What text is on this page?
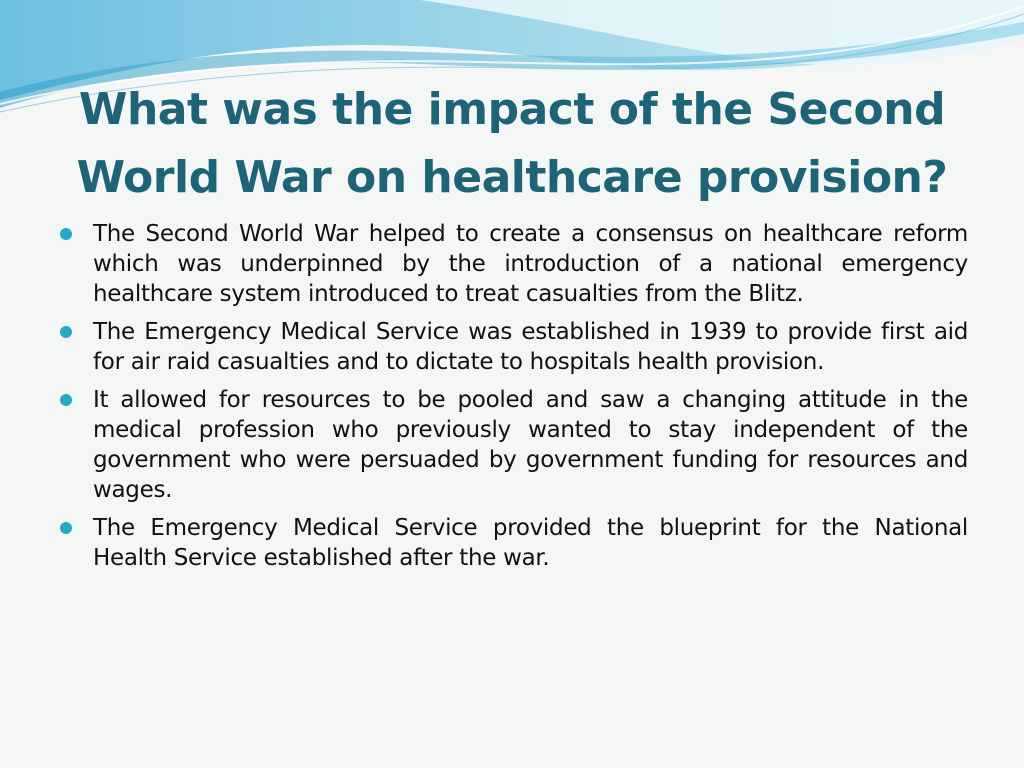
What was the impact of the Second World War on healthcare provision?
The Second World War helped to create a consensus on healthcare reform which was underpinned by the introduction of a national emergency healthcare system introduced to treat casualties from the Blitz.
The Emergency Medical Service was established in 1939 to provide first aid for air raid casualties and to dictate to hospitals health provision.
It allowed for resources to be pooled and saw a changing attitude in the medical profession who previously wanted to stay independent of the government who were persuaded by government funding for resources and wages.
The Emergency Medical Service provided the blueprint for the National Health Service established after the war.
